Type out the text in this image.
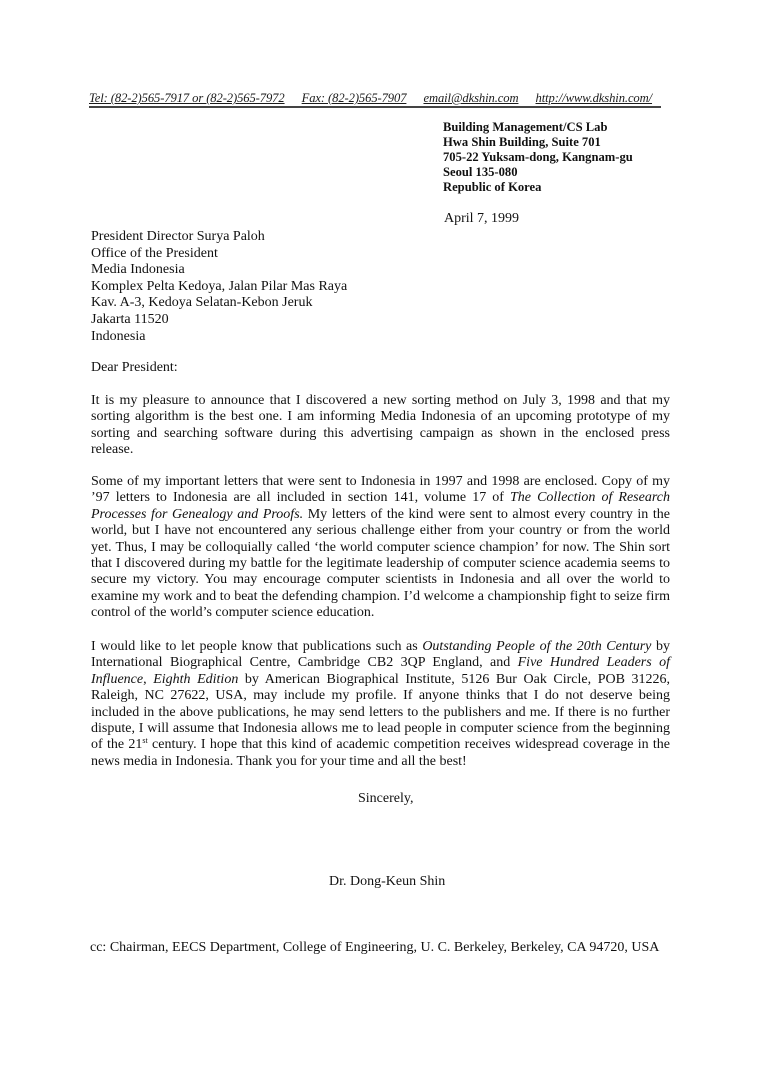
Tel: (82-2)565-7917 or (82-2)565-7972 Fax: (82-2)565-7907 email@dkshin.com http://www.dkshin.com/
Building Management/CS Lab
Hwa Shin Building, Suite 701
705-22 Yuksam-dong, Kangnam-gu
Seoul 135-080
Republic of Korea
April 7, 1999
President Director Surya Paloh
Office of the President
Media Indonesia
Komplex Pelta Kedoya, Jalan Pilar Mas Raya
Kav. A-3, Kedoya Selatan-Kebon Jeruk
Jakarta 11520
Indonesia
Dear President:

It is my pleasure to announce that I discovered a new sorting method on July 3, 1998 and that my sorting algorithm is the best one. I am informing Media Indonesia of an upcoming prototype of my sorting and searching software during this advertising campaign as shown in the enclosed press release.

Some of my important letters that were sent to Indonesia in 1997 and 1998 are enclosed. Copy of my ’97 letters to Indonesia are all included in section 141, volume 17 of The Collection of Research Processes for Genealogy and Proofs. My letters of the kind were sent to almost every country in the world, but I have not encountered any serious challenge either from your country or from the world yet. Thus, I may be colloquially called ‘the world computer science champion’ for now. The Shin sort that I discovered during my battle for the legitimate leadership of computer science academia seems to secure my victory. You may encourage computer scientists in Indonesia and all over the world to examine my work and to beat the defending champion. I’d welcome a championship fight to seize firm control of the world’s computer science education.

I would like to let people know that publications such as Outstanding People of the 20th Century by International Biographical Centre, Cambridge CB2 3QP England, and Five Hundred Leaders of Influence, Eighth Edition by American Biographical Institute, 5126 Bur Oak Circle, POB 31226, Raleigh, NC 27622, USA, may include my profile. If anyone thinks that I do not deserve being included in the above publications, he may send letters to the publishers and me. If there is no further dispute, I will assume that Indonesia allows me to lead people in computer science from the beginning of the 21st century. I hope that this kind of academic competition receives widespread coverage in the news media in Indonesia. Thank you for your time and all the best!

Sincerely,
Dr. Dong-Keun Shin
cc: Chairman, EECS Department, College of Engineering, U. C. Berkeley, Berkeley, CA 94720, USA
